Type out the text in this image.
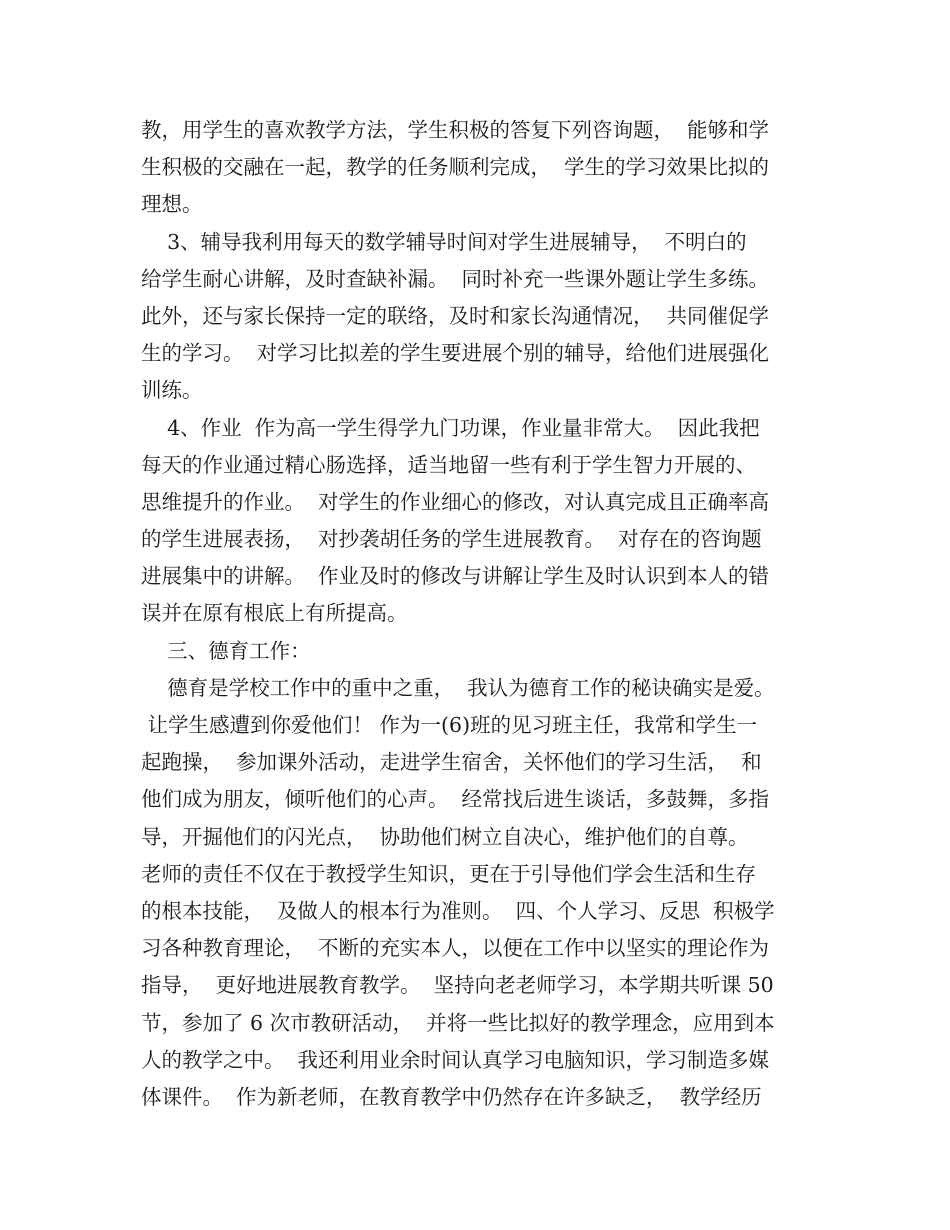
教，用学生的喜欢教学方法，学生积极的答复下列咨询题，  能够和学
生积极的交融在一起，教学的任务顺利完成，  学生的学习效果比拟的
理想。
3、辅导我利用每天的数学辅导时间对学生进展辅导，  不明白的
给学生耐心讲解，及时查缺补漏。  同时补充一些课外题让学生多练。
此外，还与家长保持一定的联络，及时和家长沟通情况，  共同催促学
生的学习。  对学习比拟差的学生要进展个别的辅导，给他们进展强化
训练。
4、作业  作为高一学生得学九门功课，作业量非常大。  因此我把
每天的作业通过精心肠选择，适当地留一些有利于学生智力开展的、
思维提升的作业。  对学生的作业细心的修改，对认真完成且正确率高
的学生进展表扬，  对抄袭胡任务的学生进展教育。  对存在的咨询题
进展集中的讲解。  作业及时的修改与讲解让学生及时认识到本人的错
误并在原有根底上有所提高。
三、德育工作：
德育是学校工作中的重中之重，  我认为德育工作的秘诀确实是爱。
让学生感遭到你爱他们！ 作为一(6)班的见习班主任，我常和学生一
起跑操，  参加课外活动，走进学生宿舍，关怀他们的学习生活，  和
他们成为朋友，倾听他们的心声。  经常找后进生谈话，多鼓舞，多指
导，开掘他们的闪光点，  协助他们树立自决心，维护他们的自尊。
老师的责任不仅在于教授学生知识，更在于引导他们学会生活和生存
的根本技能，  及做人的根本行为准则。  四、个人学习、反思  积极学
习各种教育理论，  不断的充实本人，以便在工作中以坚实的理论作为
指导，  更好地进展教育教学。  坚持向老老师学习，本学期共听课 50
节，参加了 6 次市教研活动，  并将一些比拟好的教学理念，应用到本
人的教学之中。  我还利用业余时间认真学习电脑知识，学习制造多媒
体课件。  作为新老师，在教育教学中仍然存在许多缺乏，  教学经历
